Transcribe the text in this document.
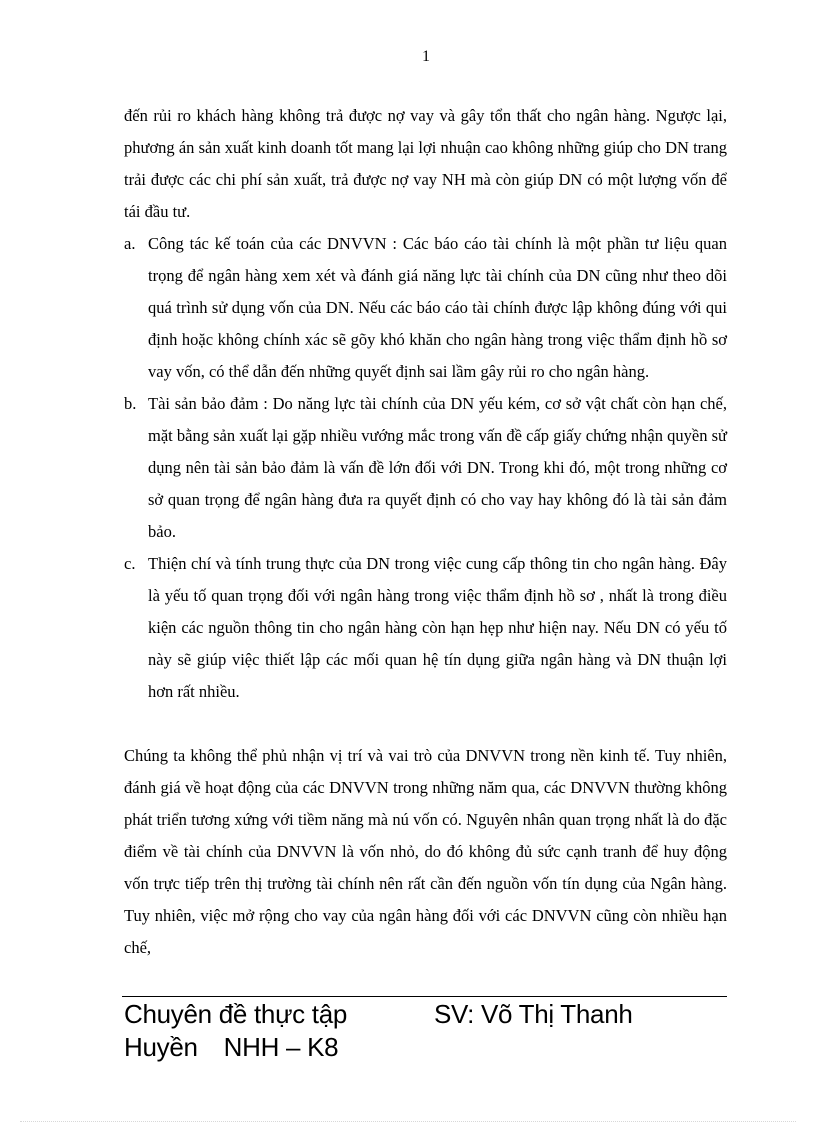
1

đến rủi ro khách hàng không trả được nợ vay và gây tổn thất cho ngân hàng. Ngược lại, phương án sản xuất kinh doanh tốt mang lại lợi nhuận cao không những giúp cho DN trang trải được các chi phí sản xuất, trả được nợ vay NH mà còn giúp DN có một lượng vốn để tái đầu tư.

a. Công tác kế toán của các DNVVN : Các báo cáo tài chính là một phần tư liệu quan trọng để ngân hàng xem xét và đánh giá năng lực tài chính của DN cũng như theo dõi quá trình sử dụng vốn của DN. Nếu các báo cáo tài chính được lập không đúng với qui định hoặc không chính xác sẽ gõy khó khăn cho ngân hàng trong việc thẩm định hồ sơ vay vốn, có thể dẫn đến những quyết định sai lầm gây rủi ro cho ngân hàng.
b. Tài sản bảo đảm : Do năng lực tài chính của DN yếu kém, cơ sở vật chất còn hạn chế, mặt bằng sản xuất lại gặp nhiều vướng mắc trong vấn đề cấp giấy chứng nhận quyền sử dụng nên tài sản bảo đảm là vấn đề lớn đối với DN. Trong khi đó, một trong những cơ sở quan trọng để ngân hàng đưa ra quyết định có cho vay hay không đó là tài sản đảm bảo.
c. Thiện chí và tính trung thực của DN trong việc cung cấp thông tin cho ngân hàng. Đây là yếu tố quan trọng đối với ngân hàng trong việc thẩm định hồ sơ , nhất là trong điều kiện các nguồn thông tin cho ngân hàng còn hạn hẹp như hiện nay. Nếu DN có yếu tố này sẽ giúp việc thiết lập các mối quan hệ tín dụng giữa ngân hàng và DN thuận lợi hơn rất nhiều.

Chúng ta không thể phủ nhận vị trí và vai trò của DNVVN trong nền kinh tế. Tuy nhiên, đánh giá về hoạt động của các DNVVN trong những năm qua, các DNVVN thường không phát triển tương xứng với tiềm năng mà nú vốn có. Nguyên nhân quan trọng nhất là do đặc điểm về tài chính của DNVVN là vốn nhỏ, do đó không đủ sức cạnh tranh để huy động vốn trực tiếp trên thị trường tài chính nên rất cần đến nguồn vốn tín dụng của Ngân hàng. Tuy nhiên, việc mở rộng cho vay của ngân hàng đối với các DNVVN cũng còn nhiều hạn chế,

Chuyên đề thực tập	SV: Võ Thị Thanh
Huyền NHH – K8
